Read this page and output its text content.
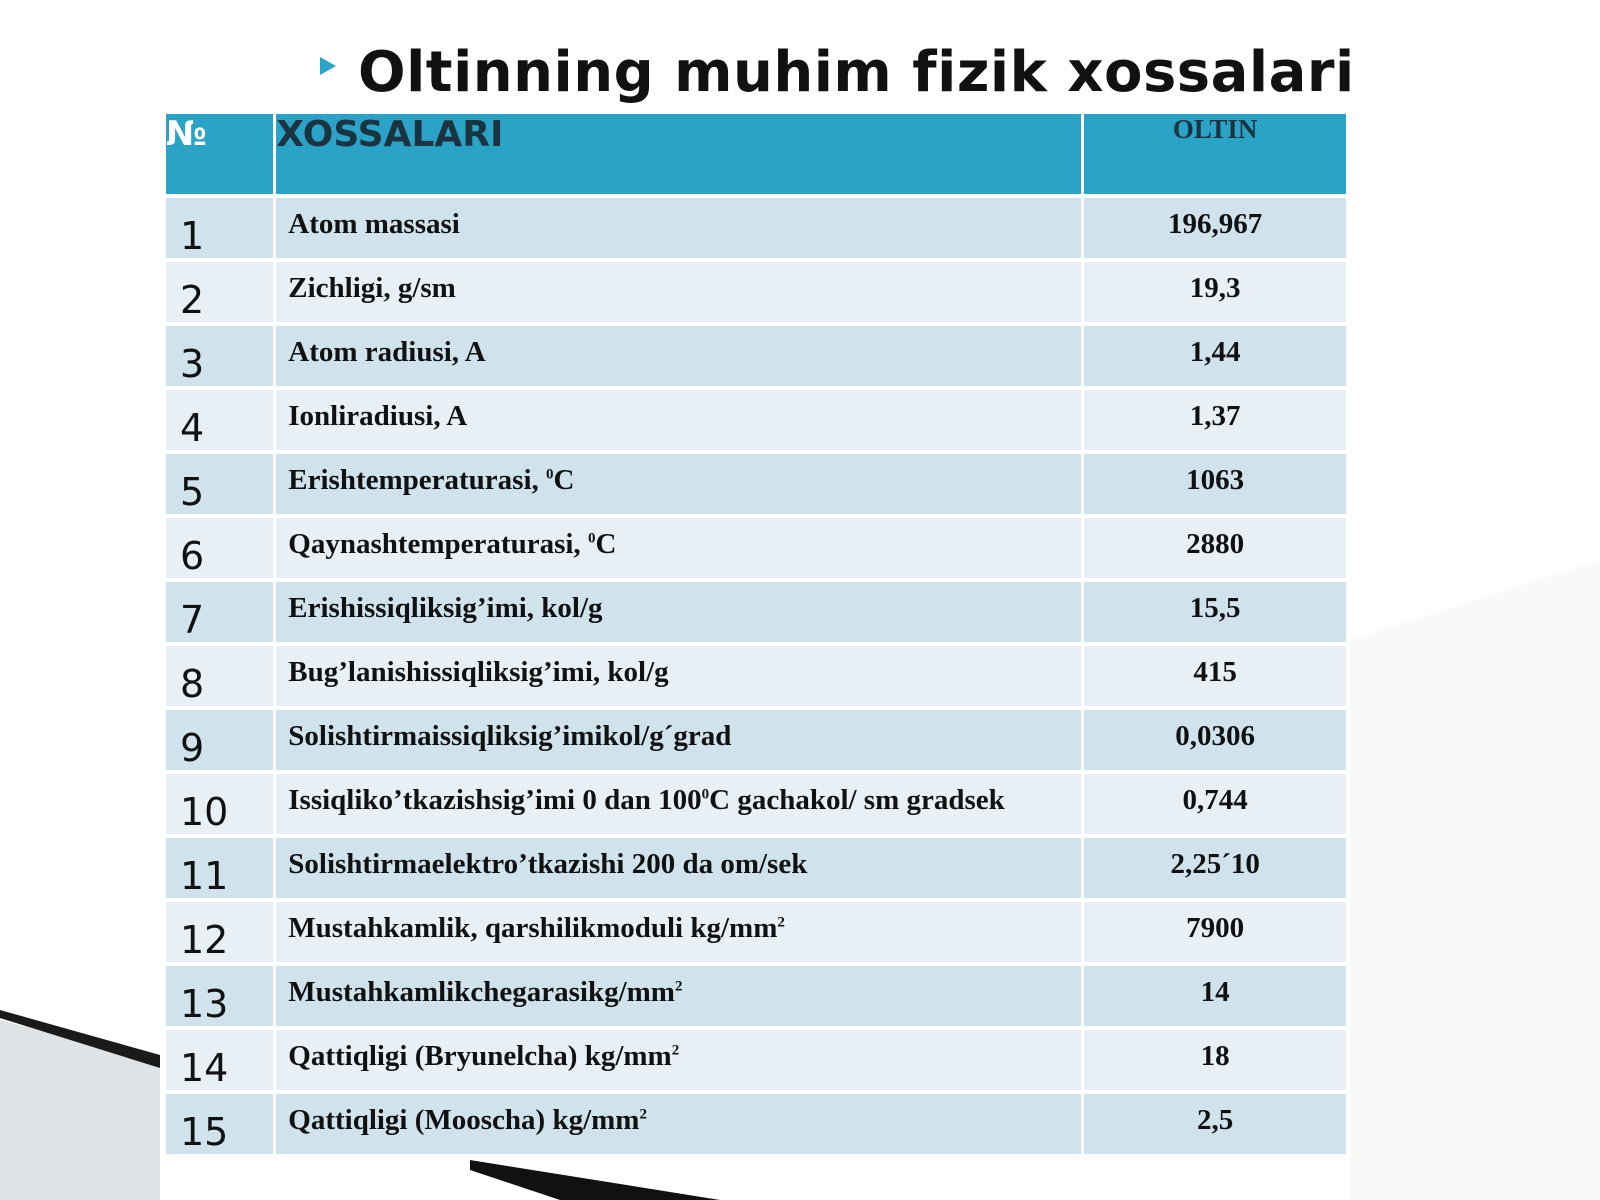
Oltinning muhim fizik xossalari
№	XOSSALARI	OLTIN
1	Atom massasi	196,967
2	Zichligi, g/sm	19,3
3	Atom radiusi, A	1,44
4	Ionliradiusi, A	1,37
5	Erishtemperaturasi, $^0$C	1063
6	Qaynashtemperaturasi, $^0$C	2880
7	Erishissiqliksig’imi, kol/g	15,5
8	Bug’lanishissiqliksig’imi, kol/g	415
9	Solishtirmaissiqliksig’imikol/g´grad	0,0306
10	Issiqliko’tkazishsig’imi 0 dan $100^0C$ gachakol/ sm gradsek	0,744
11	Solishtirmaelektro’tkazishi 200 da om/sek	2,25´10
12	Mustahkamlik, qarshilikmoduli $kg/mm^2$	7900
13	Mustahkamlikchegarasikg/$mm^2$	14
14	Qattiqligi (Bryunelcha) $kg/mm^2$	18
15	Qattiqligi (Mooscha) $kg/mm^2$	2,5
